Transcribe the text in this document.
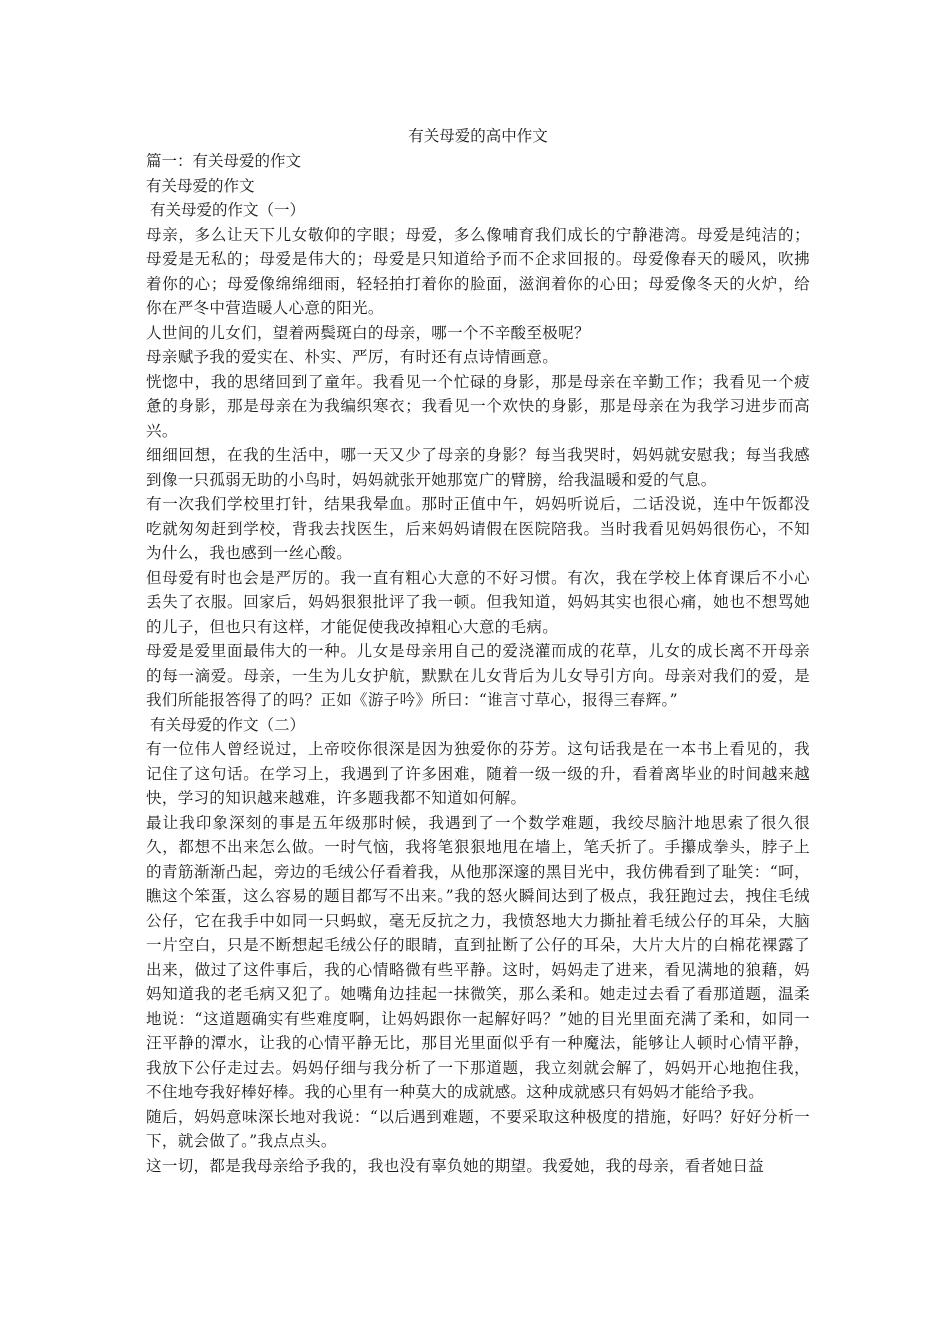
有关母爱的高中作文
篇一：有关母爱的作文
有关母爱的作文
有关母爱的作文（一）
母亲，多么让天下儿女敬仰的字眼；母爱，多么像哺育我们成长的宁静港湾。母爱是纯洁的；母爱是无私的；母爱是伟大的；母爱是只知道给予而不企求回报的。母爱像春天的暖风，吹拂着你的心；母爱像绵绵细雨，轻轻拍打着你的脸面，滋润着你的心田；母爱像冬天的火炉，给你在严冬中营造暖人心意的阳光。
人世间的儿女们，望着两鬓斑白的母亲，哪一个不辛酸至极呢？
母亲赋予我的爱实在、朴实、严厉，有时还有点诗情画意。
恍惚中，我的思绪回到了童年。我看见一个忙碌的身影，那是母亲在辛勤工作；我看见一个疲惫的身影，那是母亲在为我编织寒衣；我看见一个欢快的身影，那是母亲在为我学习进步而高兴。
细细回想，在我的生活中，哪一天又少了母亲的身影？每当我哭时，妈妈就安慰我；每当我感到像一只孤弱无助的小鸟时，妈妈就张开她那宽广的臂膀，给我温暖和爱的气息。
有一次我们学校里打针，结果我晕血。那时正值中午，妈妈听说后，二话没说，连中午饭都没吃就匆匆赶到学校，背我去找医生，后来妈妈请假在医院陪我。当时我看见妈妈很伤心，不知为什么，我也感到一丝心酸。
但母爱有时也会是严厉的。我一直有粗心大意的不好习惯。有次，我在学校上体育课后不小心丢失了衣服。回家后，妈妈狠狠批评了我一顿。但我知道，妈妈其实也很心痛，她也不想骂她的儿子，但也只有这样，才能促使我改掉粗心大意的毛病。
母爱是爱里面最伟大的一种。儿女是母亲用自己的爱浇灌而成的花草，儿女的成长离不开母亲的每一滴爱。母亲，一生为儿女护航，默默在儿女背后为儿女导引方向。母亲对我们的爱，是我们所能报答得了的吗？正如《游子吟》所曰：“谁言寸草心，报得三春辉。”
有关母爱的作文（二）
有一位伟人曾经说过，上帝咬你很深是因为独爱你的芬芳。这句话我是在一本书上看见的，我记住了这句话。在学习上，我遇到了许多困难，随着一级一级的升，看着离毕业的时间越来越快，学习的知识越来越难，许多题我都不知道如何解。
最让我印象深刻的事是五年级那时候，我遇到了一个数学难题，我绞尽脑汁地思索了很久很久，都想不出来怎么做。一时气恼，我将笔狠狠地甩在墙上，笔夭折了。手攥成拳头，脖子上的青筋渐渐凸起，旁边的毛绒公仔看着我，从他那深邃的黑目光中，我仿佛看到了耻笑：“呵，瞧这个笨蛋，这么容易的题目都写不出来。”我的怒火瞬间达到了极点，我狂跑过去，拽住毛绒公仔，它在我手中如同一只蚂蚁，毫无反抗之力，我愤怒地大力撕扯着毛绒公仔的耳朵，大脑一片空白，只是不断想起毛绒公仔的眼睛，直到扯断了公仔的耳朵，大片大片的白棉花裸露了出来，做过了这件事后，我的心情略微有些平静。这时，妈妈走了进来，看见满地的狼藉，妈妈知道我的老毛病又犯了。她嘴角边挂起一抹微笑，那么柔和。她走过去看了看那道题，温柔地说：“这道题确实有些难度啊，让妈妈跟你一起解好吗？”她的目光里面充满了柔和，如同一汪平静的潭水，让我的心情平静无比，那目光里面似乎有一种魔法，能够让人顿时心情平静，我放下公仔走过去。妈妈仔细与我分析了一下那道题，我立刻就会解了，妈妈开心地抱住我，不住地夸我好棒好棒。我的心里有一种莫大的成就感。这种成就感只有妈妈才能给予我。
随后，妈妈意味深长地对我说：“以后遇到难题，不要采取这种极度的措施，好吗？好好分析一下，就会做了。”我点点头。
这一切，都是我母亲给予我的，我也没有辜负她的期望。我爱她，我的母亲，看者她日益
